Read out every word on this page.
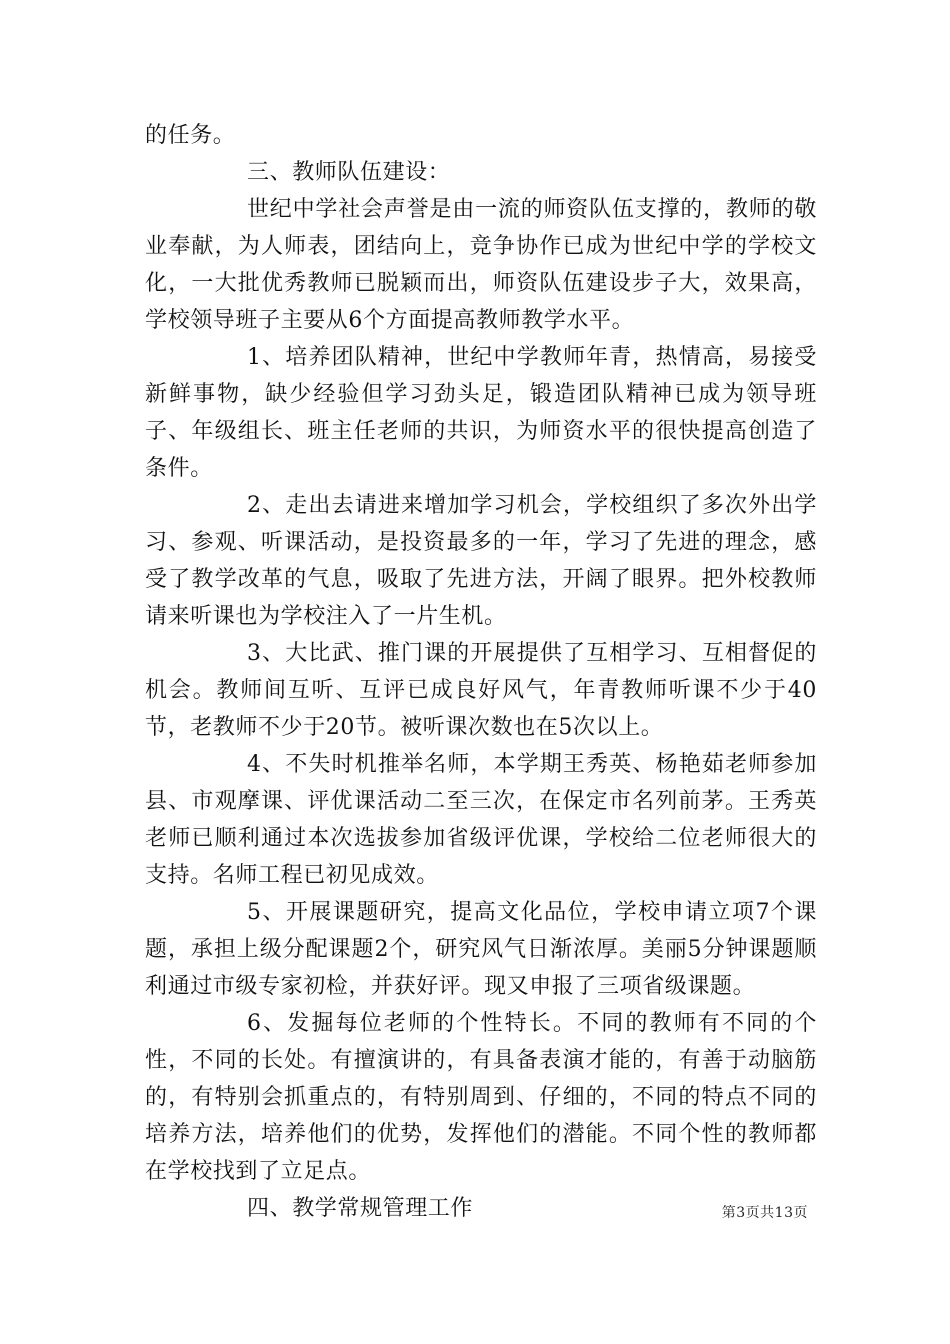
的任务。

三、教师队伍建设：

世纪中学社会声誉是由一流的师资队伍支撑的，教师的敬业奉献，为人师表，团结向上，竞争协作已成为世纪中学的学校文化，一大批优秀教师已脱颖而出，师资队伍建设步子大，效果高，学校领导班子主要从6个方面提高教师教学水平。

1、培养团队精神，世纪中学教师年青，热情高，易接受新鲜事物，缺少经验但学习劲头足，锻造团队精神已成为领导班子、年级组长、班主任老师的共识，为师资水平的很快提高创造了条件。

2、走出去请进来增加学习机会，学校组织了多次外出学习、参观、听课活动，是投资最多的一年，学习了先进的理念，感受了教学改革的气息，吸取了先进方法，开阔了眼界。把外校教师请来听课也为学校注入了一片生机。

3、大比武、推门课的开展提供了互相学习、互相督促的机会。教师间互听、互评已成良好风气，年青教师听课不少于40节，老教师不少于20节。被听课次数也在5次以上。

4、不失时机推举名师，本学期王秀英、杨艳茹老师参加县、市观摩课、评优课活动二至三次，在保定市名列前茅。王秀英老师已顺利通过本次选拔参加省级评优课，学校给二位老师很大的支持。名师工程已初见成效。

5、开展课题研究，提高文化品位，学校申请立项7个课题，承担上级分配课题2个，研究风气日渐浓厚。美丽5分钟课题顺利通过市级专家初检，并获好评。现又申报了三项省级课题。

6、发掘每位老师的个性特长。不同的教师有不同的个性，不同的长处。有擅演讲的，有具备表演才能的，有善于动脑筋的，有特别会抓重点的，有特别周到、仔细的，不同的特点不同的培养方法，培养他们的优势，发挥他们的潜能。不同个性的教师都在学校找到了立足点。

四、教学常规管理工作	第3页共13页
